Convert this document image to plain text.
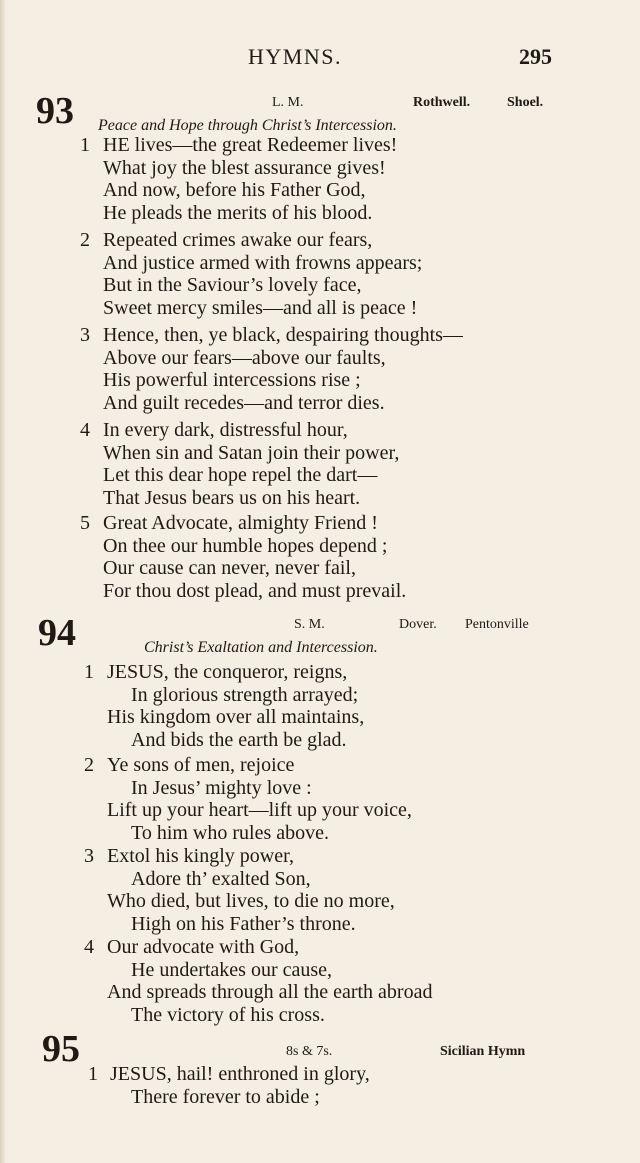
HYMNS.	295
93	L. M.	Rothwell.	Shoel.
Peace and Hope through Christ’s Intercession.
1 HE lives—the great Redeemer lives!
What joy the blest assurance gives!
And now, before his Father God,
He pleads the merits of his blood.
2 Repeated crimes awake our fears,
And justice armed with frowns appears;
But in the Saviour’s lovely face,
Sweet mercy smiles—and all is peace !
3 Hence, then, ye black, despairing thoughts—
Above our fears—above our faults,
His powerful intercessions rise ;
And guilt recedes—and terror dies.
4 In every dark, distressful hour,
When sin and Satan join their power,
Let this dear hope repel the dart—
That Jesus bears us on his heart.
5 Great Advocate, almighty Friend !
On thee our humble hopes depend ;
Our cause can never, never fail,
For thou dost plead, and must prevail.
94	S. M.	Dover. Pentonville
Christ’s Exaltation and Intercession.
1 JESUS, the conqueror, reigns,
In glorious strength arrayed;
His kingdom over all maintains,
And bids the earth be glad.
2 Ye sons of men, rejoice
In Jesus’ mighty love :
Lift up your heart—lift up your voice,
To him who rules above.
3 Extol his kingly power,
Adore th’ exalted Son,
Who died, but lives, to die no more,
High on his Father’s throne.
4 Our advocate with God,
He undertakes our cause,
And spreads through all the earth abroad
The victory of his cross.
95	8s & 7s.	Sicilian Hymn
1 JESUS, hail! enthroned in glory,
There forever to abide ;
